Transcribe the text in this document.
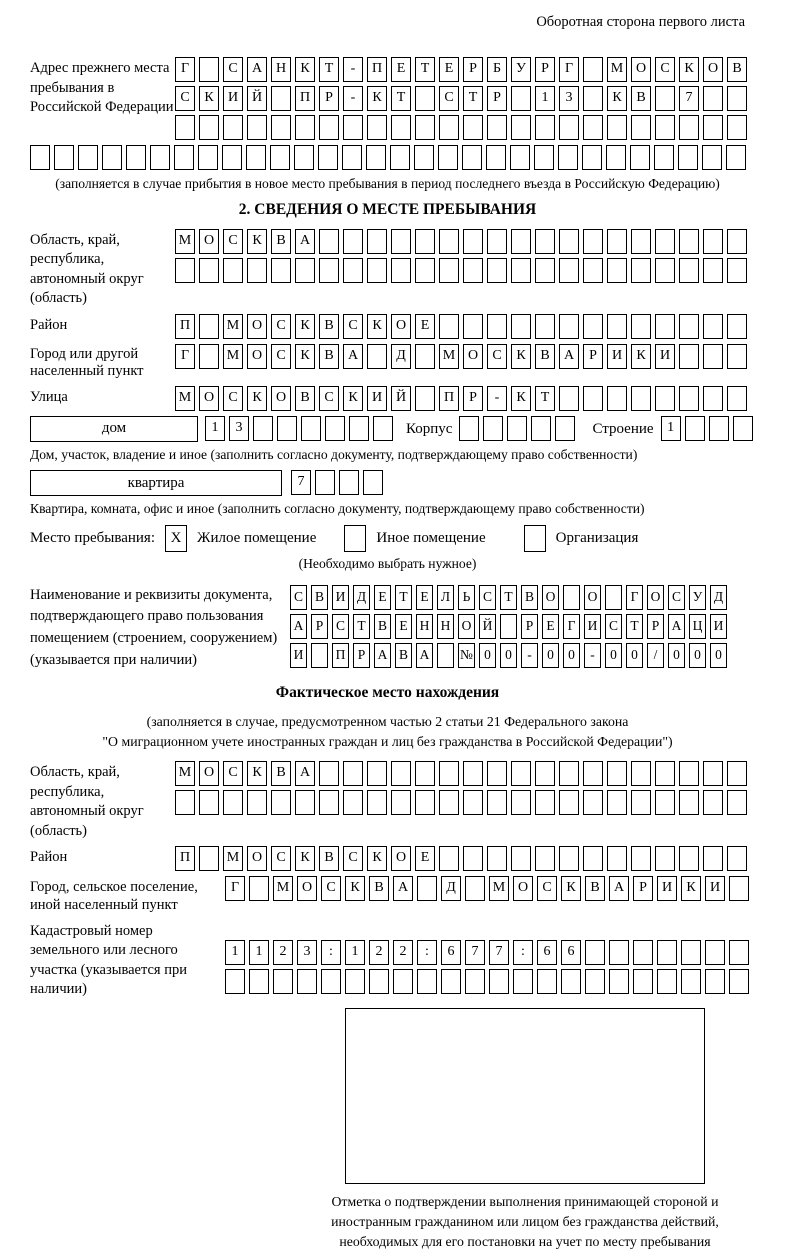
Оборотная сторона первого листа
Адрес прежнего места пребывания в Российской Федерации
Г	С	А Н	К	Т	-	П	Е	Т	Е	Р	Б	У	Р	Г	М О	С	К	О	В
С	К	И Й	П	Р	-	К	Т	С	Т	Р	1	3	К	В	7
(заполняется в случае прибытия в новое место пребывания в период последнего въезда в Российскую Федерацию)
2. СВЕДЕНИЯ О МЕСТЕ ПРЕБЫВАНИЯ
Область, край, республика, автономный округ (область)
М О	С	К	В	А
Район	П	М О	С	К	В	С	К	О	Е
Город или другой населенный пункт
Г	М О	С	К	В	А	Д	М О	С	К	В	А	Р	И	К	И
Улица	М О	С	К	О	В	С	К	И Й	П	Р	-	К	Т
дом	1	3	Корпус	Строение 1
Дом, участок, владение и иное (заполнить согласно документу, подтверждающему право собственности)
квартира	7
Квартира, комната, офис и иное (заполнить согласно документу, подтверждающему право собственности)
Место пребывания:	X	Жилое помещение	Иное помещение	Организация
(Необходимо выбрать нужное)
Наименование и реквизиты документа, подтверждающего право пользования помещением (строением, сооружением) (указывается при наличии)
С В И Д Е Т Е Л Ь С Т В О О	Г О С У Д
А Р С Т В Е Н Н О Й	Р Е Г И С Т Р А Ц И
И П Р А В А № 0	0	-	0	0	-	0	0	/	0	0	0
Фактическое место нахождения
(заполняется в случае, предусмотренном частью 2 статьи 21 Федерального закона
"О миграционном учете иностранных граждан и лиц без гражданства в Российской Федерации")
Область, край, республика, автономный округ (область)
М О	С	К	В	А
Район	П	М О	С	К	В	С	К	О	Е
Город, сельское поселение, иной населенный пункт
Г	М О	С	К	В	А	Д	М О	С	К	В	А	Р	И	К	И
Кадастровый номер земельного или лесного участка (указывается при наличии)
1	1	2	3	:	1	2	2	:	6	7	7	:	6	6
Отметка о подтверждении выполнения принимающей стороной и иностранным гражданином или лицом без гражданства действий, необходимых для его постановки на учет по месту пребывания
